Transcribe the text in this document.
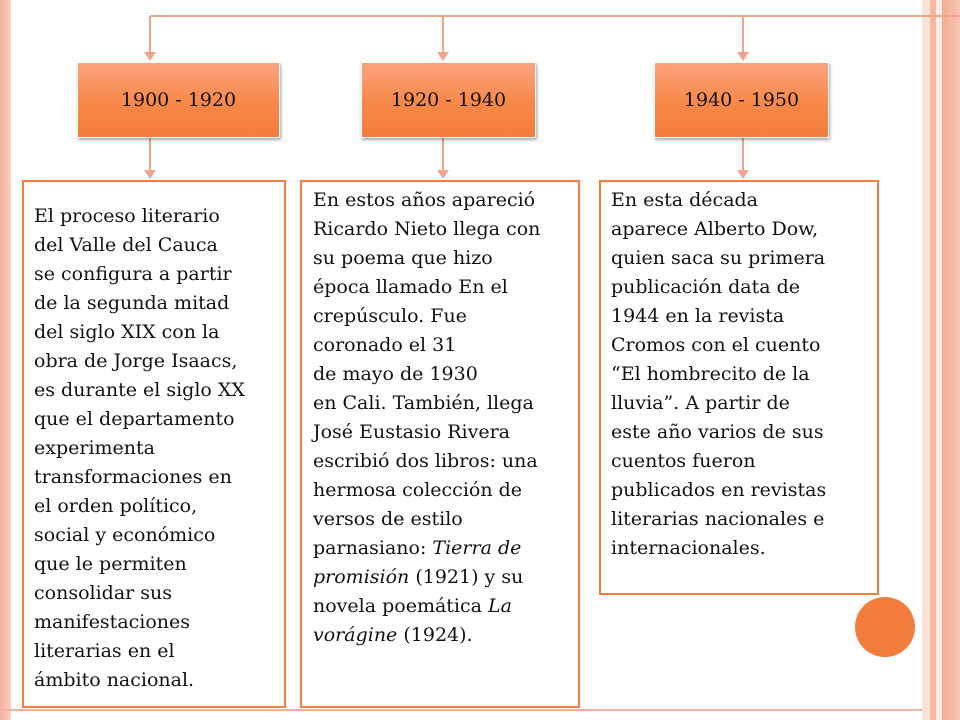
1900 - 1920	1920 - 1940	1940 - 1950

El proceso literario
del Valle del Cauca
se configura a partir
de la segunda mitad
del siglo XIX con la
obra de Jorge Isaacs,
es durante el siglo XX
que el departamento
experimenta
transformaciones en
el orden político,
social y económico
que le permiten
consolidar sus
manifestaciones
literarias en el
ámbito nacional.

En estos años apareció
Ricardo Nieto llega con
su poema que hizo
época llamado En el
crepúsculo. Fue
coronado el 31
de mayo de 1930
en Cali. También, llega
José Eustasio Rivera
escribió dos libros: una
hermosa colección de
versos de estilo
parnasiano: Tierra de
promisión (1921) y su
novela poemática La
vorágine (1924).

En esta década
aparece Alberto Dow,
quien saca su primera
publicación data de
1944 en la revista
Cromos con el cuento
“El hombrecito de la
lluvia”. A partir de
este año varios de sus
cuentos fueron
publicados en revistas
literarias nacionales e
internacionales.
